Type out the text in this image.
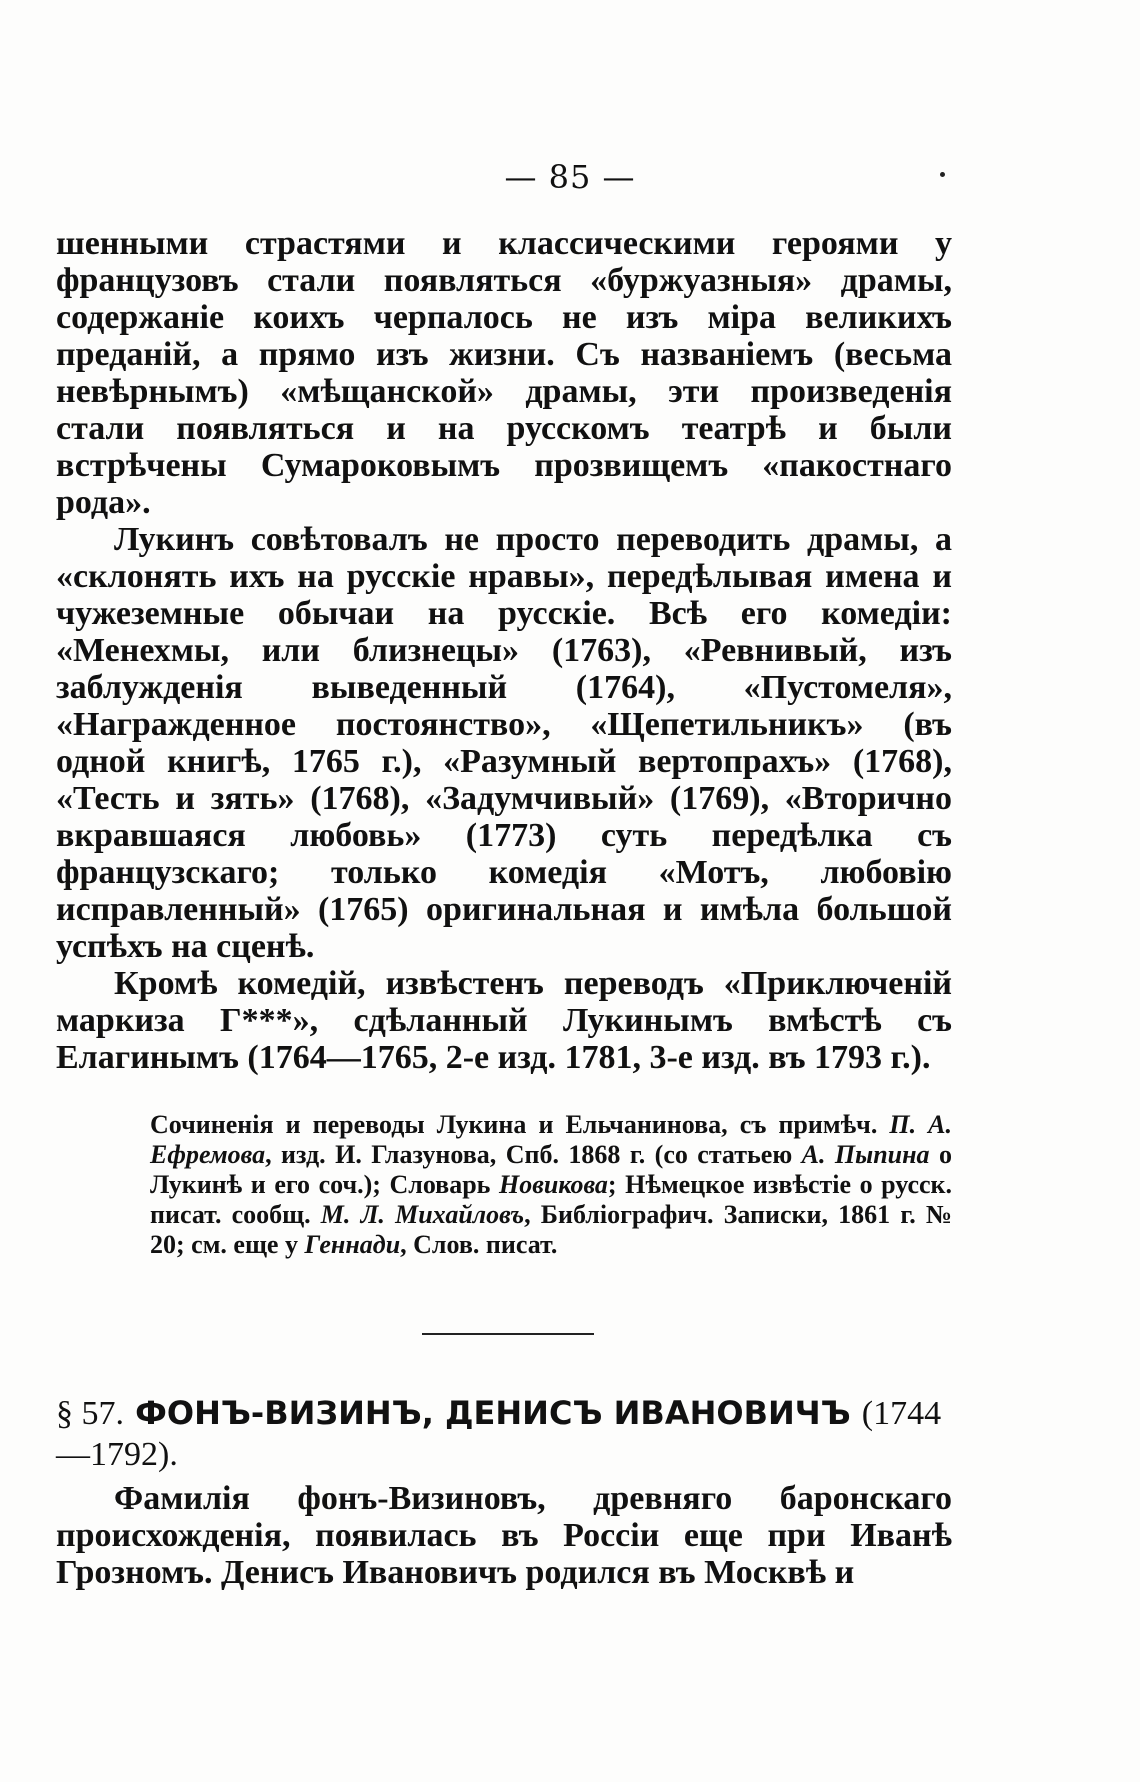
— 85 —

шенными страстями и классическими героями у французовъ стали появляться «буржуазныя» драмы, содержаніе коихъ черпалось не изъ міра великихъ преданій, а прямо изъ жизни. Съ названіемъ (весьма невѣрнымъ) «мѣщанской» драмы, эти произведенія стали появляться и на русскомъ театрѣ и были встрѣчены Сумароковымъ прозвищемъ «пакостнаго рода».

Лукинъ совѣтовалъ не просто переводить драмы, а «склонять ихъ на русскіе нравы», передѣлывая имена и чужеземные обычаи на русскіе. Всѣ его комедіи: «Менехмы, или близнецы» (1763), «Ревнивый, изъ заблужденія выведенный (1764), «Пустомеля», «Награжденное постоянство», «Щепетильникъ» (въ одной книгѣ, 1765 г.), «Разумный вертопрахъ» (1768), «Тесть и зять» (1768), «Задумчивый» (1769), «Вторично вкравшаяся любовь» (1773) суть передѣлка съ французскаго; только комедія «Мотъ, любовію исправленный» (1765) оригинальная и имѣла большой успѣхъ на сценѣ.

Кромѣ комедій, извѣстенъ переводъ «Приключеній маркиза Г***», сдѣланный Лукинымъ вмѣстѣ съ Елагинымъ (1764—1765, 2-е изд. 1781, 3-е изд. въ 1793 г.).

Сочиненія и переводы Лукина и Ельчанинова, съ примѣч. П. А. Ефремова, изд. И. Глазунова, Спб. 1868 г. (со статьею А. Пыпина о Лукинѣ и его соч.); Словарь Новикова; Нѣмецкое извѣстіе о русск. писат. сообщ. М. Л. Михайловъ, Библіографич. Записки, 1861 г. № 20; см. еще у Геннади, Слов. писат.
§ 57. ФОНЪ-ВИЗИНЪ, ДЕНИСЪ ИВАНОВИЧЪ (1744—1792).

Фамилія фонъ-Визиновъ, древняго баронскаго происхожденія, появилась въ Россіи еще при Иванѣ Грозномъ. Денисъ Ивановичъ родился въ Москвѣ и
